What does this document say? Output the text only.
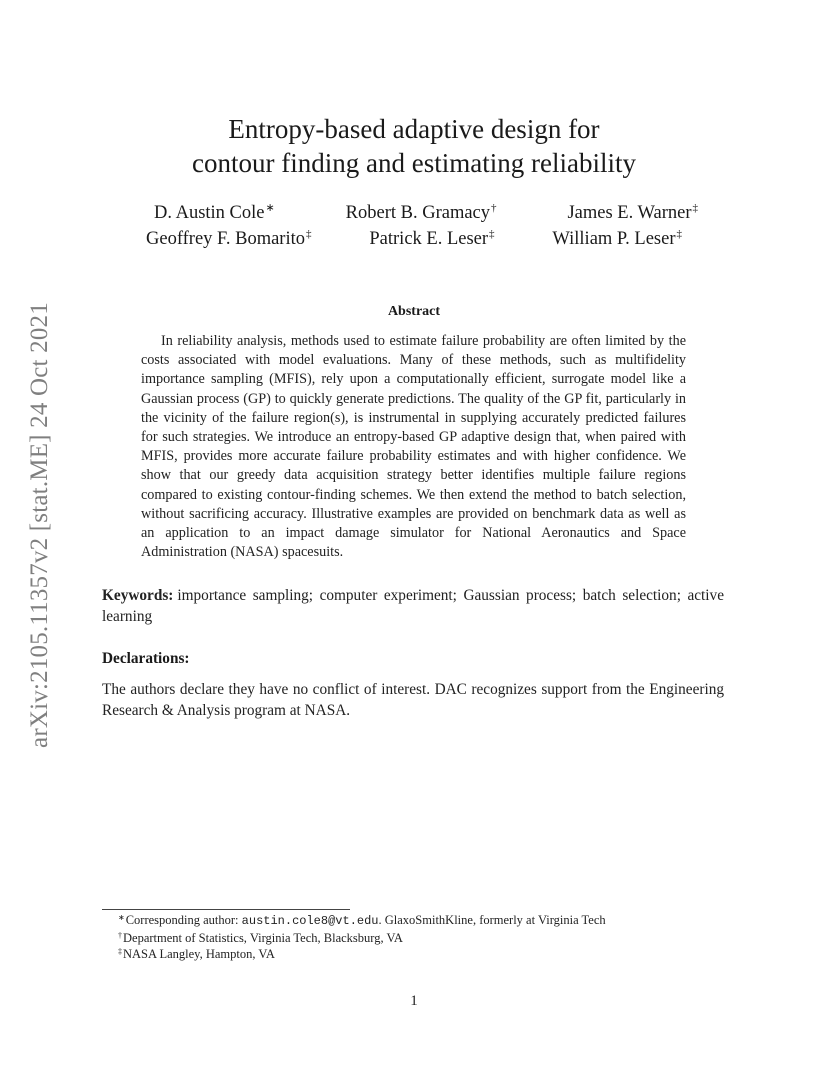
arXiv:2105.11357v2 [stat.ME] 24 Oct 2021
Entropy-based adaptive design for
contour finding and estimating reliability
D. Austin Cole∗	Robert B. Gramacy†	James E. Warner‡
Geoffrey F. Bomarito‡	Patrick E. Leser‡	William P. Leser‡
Abstract
In reliability analysis, methods used to estimate failure probability are often limited by the costs associated with model evaluations. Many of these methods, such as multifidelity importance sampling (MFIS), rely upon a computationally efficient, surrogate model like a Gaussian process (GP) to quickly generate predictions. The quality of the GP fit, particularly in the vicinity of the failure region(s), is instrumental in supplying accurately predicted failures for such strategies. We introduce an entropy-based GP adaptive design that, when paired with MFIS, provides more accurate failure probability estimates and with higher confidence. We show that our greedy data acquisition strategy better identifies multiple failure regions compared to existing contour-finding schemes. We then extend the method to batch selection, without sacrificing accuracy. Illustrative examples are provided on benchmark data as well as an application to an impact damage simulator for National Aeronautics and Space Administration (NASA) spacesuits.
Keywords: importance sampling; computer experiment; Gaussian process; batch selection; active learning
Declarations:
The authors declare they have no conflict of interest. DAC recognizes support from the Engineering Research & Analysis program at NASA.
∗Corresponding author: austin.cole8@vt.edu. GlaxoSmithKline, formerly at Virginia Tech
†Department of Statistics, Virginia Tech, Blacksburg, VA
‡NASA Langley, Hampton, VA
1
